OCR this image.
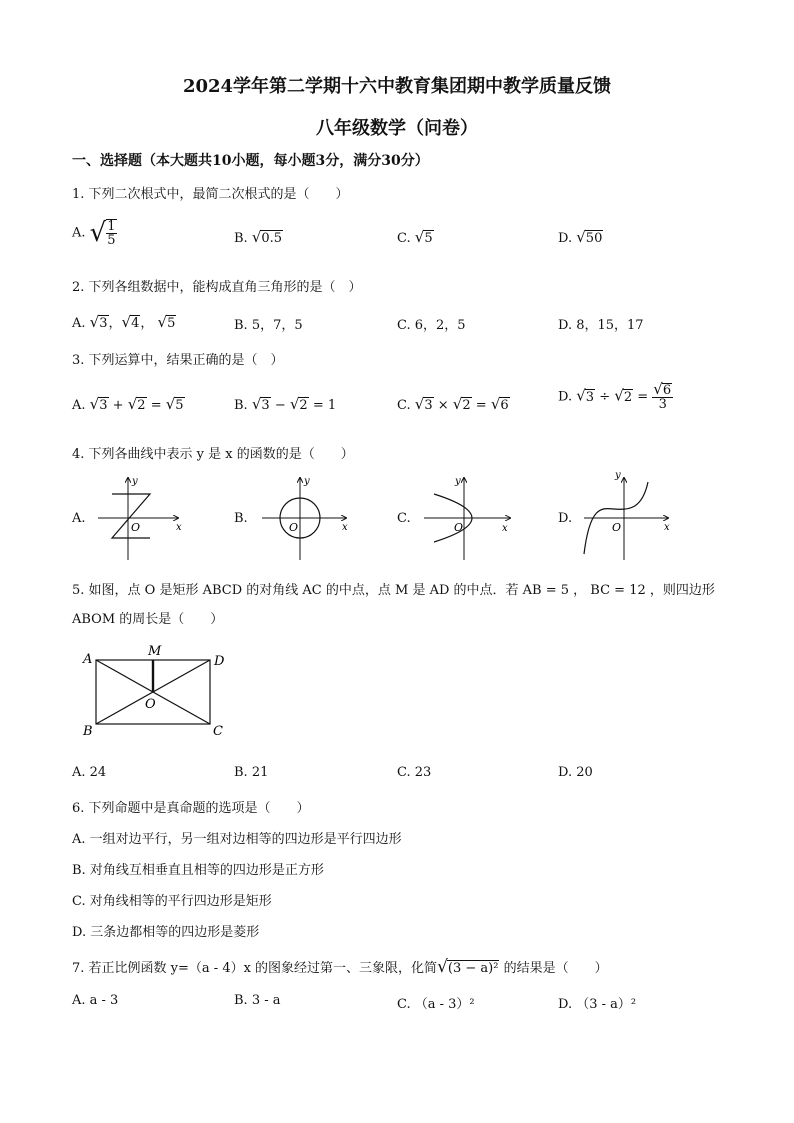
2024学年第二学期十六中教育集团期中教学质量反馈
八年级数学（问卷）
一、选择题（本大题共10小题，每小题3分，满分30分）
1. 下列二次根式中，最简二次根式的是（　　）
A. √ $\frac{1}{5}$	B. √0.5	C. √5	D. √50
2. 下列各组数据中，能构成直角三角形的是（　）
A. √3，√4， √5	B. 5，7，5	C. 6，2，5	D. 8，15，17
3. 下列运算中，结果正确的是（　）
A. √3 + √2 = √5	B. √3 − √2 = 1	C. √3 × √2 = √6
D. $√3 \div √2 = \frac{√6}{3}$
4. 下列各曲线中表示 y 是 x 的函数的是（　　）
A.	B.	C.	D.
x
y
O	x
y
O	x
y
O	x
y
O
A
M
D
O
B	C
5. 如图，点 O 是矩形 ABCD 的对角线 AC 的中点，点 M 是 AD 的中点．若 AB = 5 ， BC = 12 ，则四边形
ABOM 的周长是（　　）
A. 24	B. 21	C. 23	D. 20
6. 下列命题中是真命题的选项是（　　）
A. 一组对边平行，另一组对边相等的四边形是平行四边形
B. 对角线互相垂直且相等的四边形是正方形
C. 对角线相等的平行四边形是矩形
D. 三条边都相等的四边形是菱形
7. 若正比例函数 y=（a - 4）x 的图象经过第一、三象限，化简√(3 − a)² 的结果是（　　）
A. a - 3	B. 3 - a	C. （a - 3）²	D. （3 - a）²
